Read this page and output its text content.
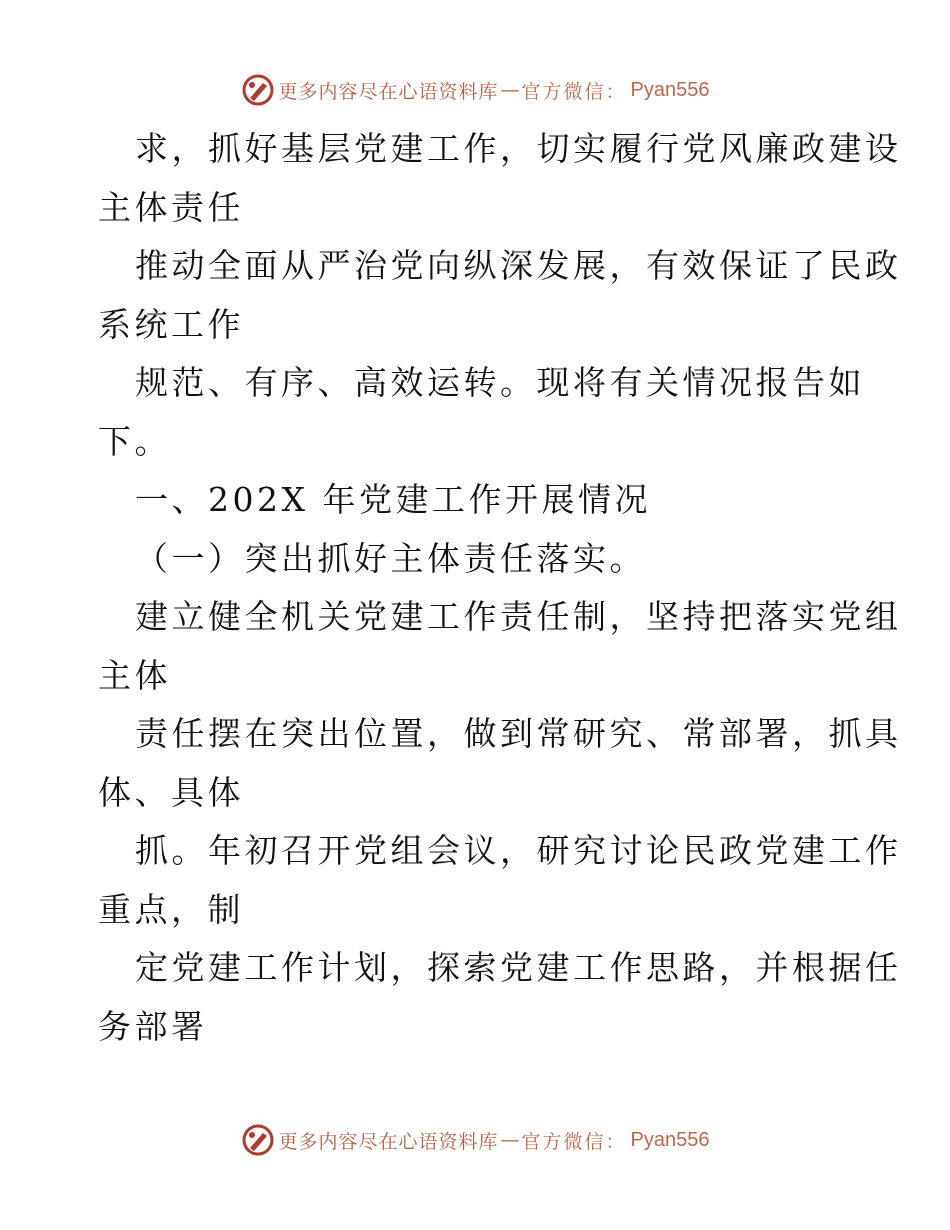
更多内容尽在心语资料库 — 官方微信： Pyan556
求，抓好基层党建工作，切实履行党风廉政建设
主体责任
推动全面从严治党向纵深发展，有效保证了民政
系统工作
规范、有序、高效运转。现将有关情况报告如
下。
一、202X 年党建工作开展情况
（一）突出抓好主体责任落实。
建立健全机关党建工作责任制，坚持把落实党组
主体
责任摆在突出位置，做到常研究、常部署，抓具
体、具体
抓。年初召开党组会议，研究讨论民政党建工作
重点，制
定党建工作计划，探索党建工作思路，并根据任
务部署
更多内容尽在心语资料库 — 官方微信： Pyan556
